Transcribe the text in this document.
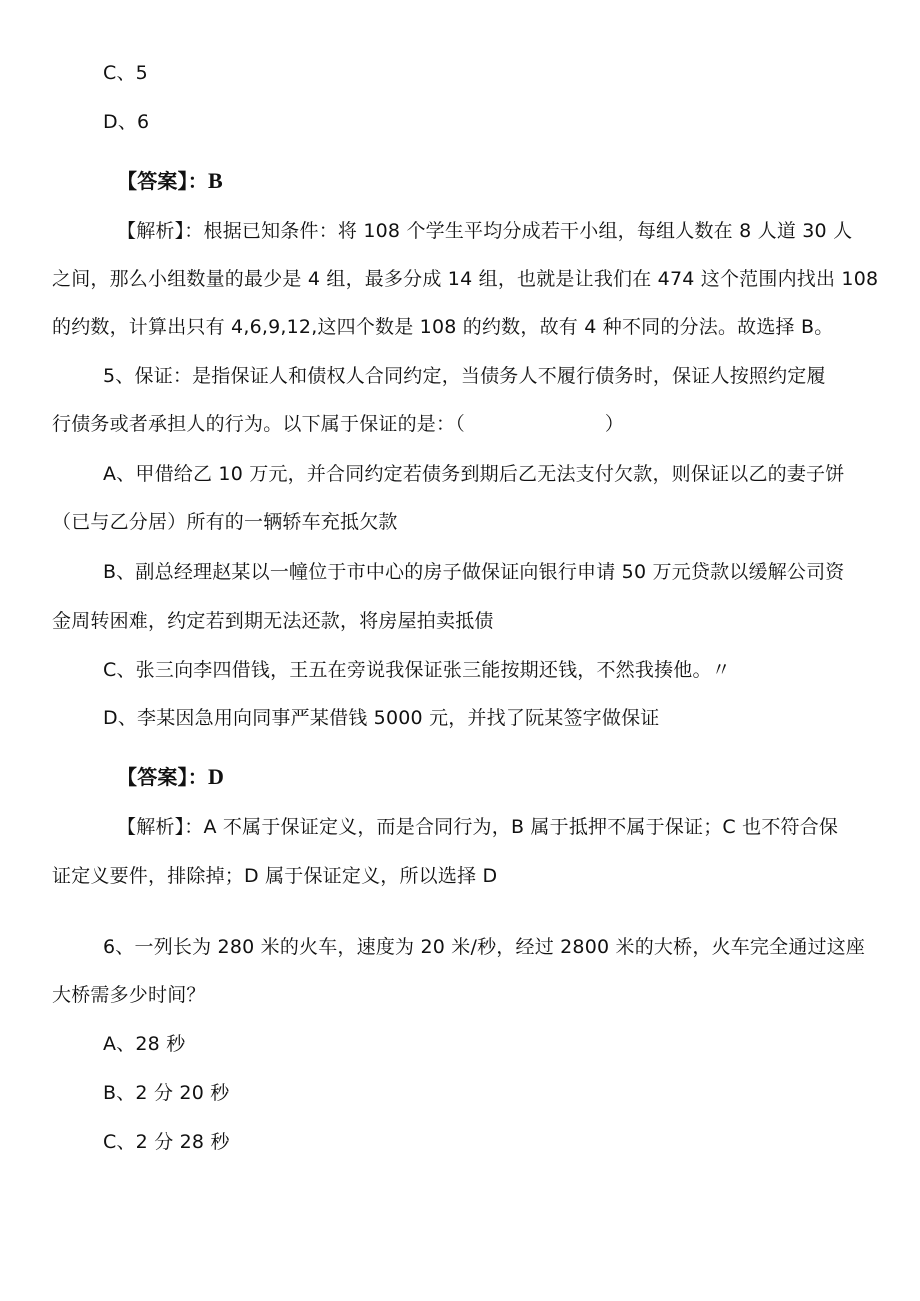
C、5
D、6
【答案】：B
【解析】：根据已知条件：将 108 个学生平均分成若干小组，每组人数在 8 人道 30 人
之间，那么小组数量的最少是 4 组，最多分成 14 组，也就是让我们在 474 这个范围内找出 108
的约数，计算出只有 4,6,9,12,这四个数是 108 的约数，故有 4 种不同的分法。故选择 B。
5、保证：是指保证人和债权人合同约定，当债务人不履行债务时，保证人按照约定履
行债务或者承担人的行为。以下属于保证的是：（	）
A、甲借给乙 10 万元，并合同约定若债务到期后乙无法支付欠款，则保证以乙的妻子饼
（已与乙分居）所有的一辆轿车充抵欠款
B、副总经理赵某以一幢位于市中心的房子做保证向银行申请 50 万元贷款以缓解公司资
金周转困难，约定若到期无法还款，将房屋拍卖抵债
C、张三向李四借钱，王五在旁说我保证张三能按期还钱，不然我揍他。〃
D、李某因急用向同事严某借钱 5000 元，并找了阮某签字做保证
【答案】：D
【解析】：A 不属于保证定义，而是合同行为，B 属于抵押不属于保证；C 也不符合保
证定义要件，排除掉；D 属于保证定义，所以选择 D
6、一列长为 280 米的火车，速度为 20 米/秒，经过 2800 米的大桥，火车完全通过这座
大桥需多少时间？
A、28 秒
B、2 分 20 秒
C、2 分 28 秒
